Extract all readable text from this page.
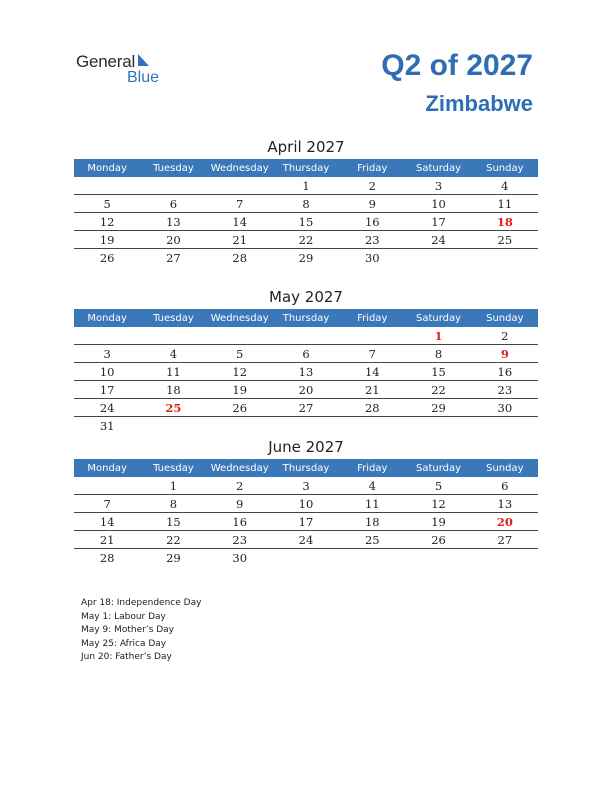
General
Blue	Q2 of 2027
Zimbabwe
April 2027
Monday	Tuesday	Wednesday	Thursday	Friday	Saturday	Sunday
			1	2	3	4
5	6	7	8	9	10	11
12	13	14	15	16	17	18
19	20	21	22	23	24	25
26	27	28	29	30		
May 2027
Monday	Tuesday	Wednesday	Thursday	Friday	Saturday	Sunday
					1	2
3	4	5	6	7	8	9
10	11	12	13	14	15	16
17	18	19	20	21	22	23
24	25	26	27	28	29	30
31						
June 2027
Monday	Tuesday	Wednesday	Thursday	Friday	Saturday	Sunday
	1	2	3	4	5	6
7	8	9	10	11	12	13
14	15	16	17	18	19	20
21	22	23	24	25	26	27
28	29	30				
Apr 18: Independence Day
May 1: Labour Day
May 9: Mother’s Day
May 25: Africa Day
Jun 20: Father’s Day
